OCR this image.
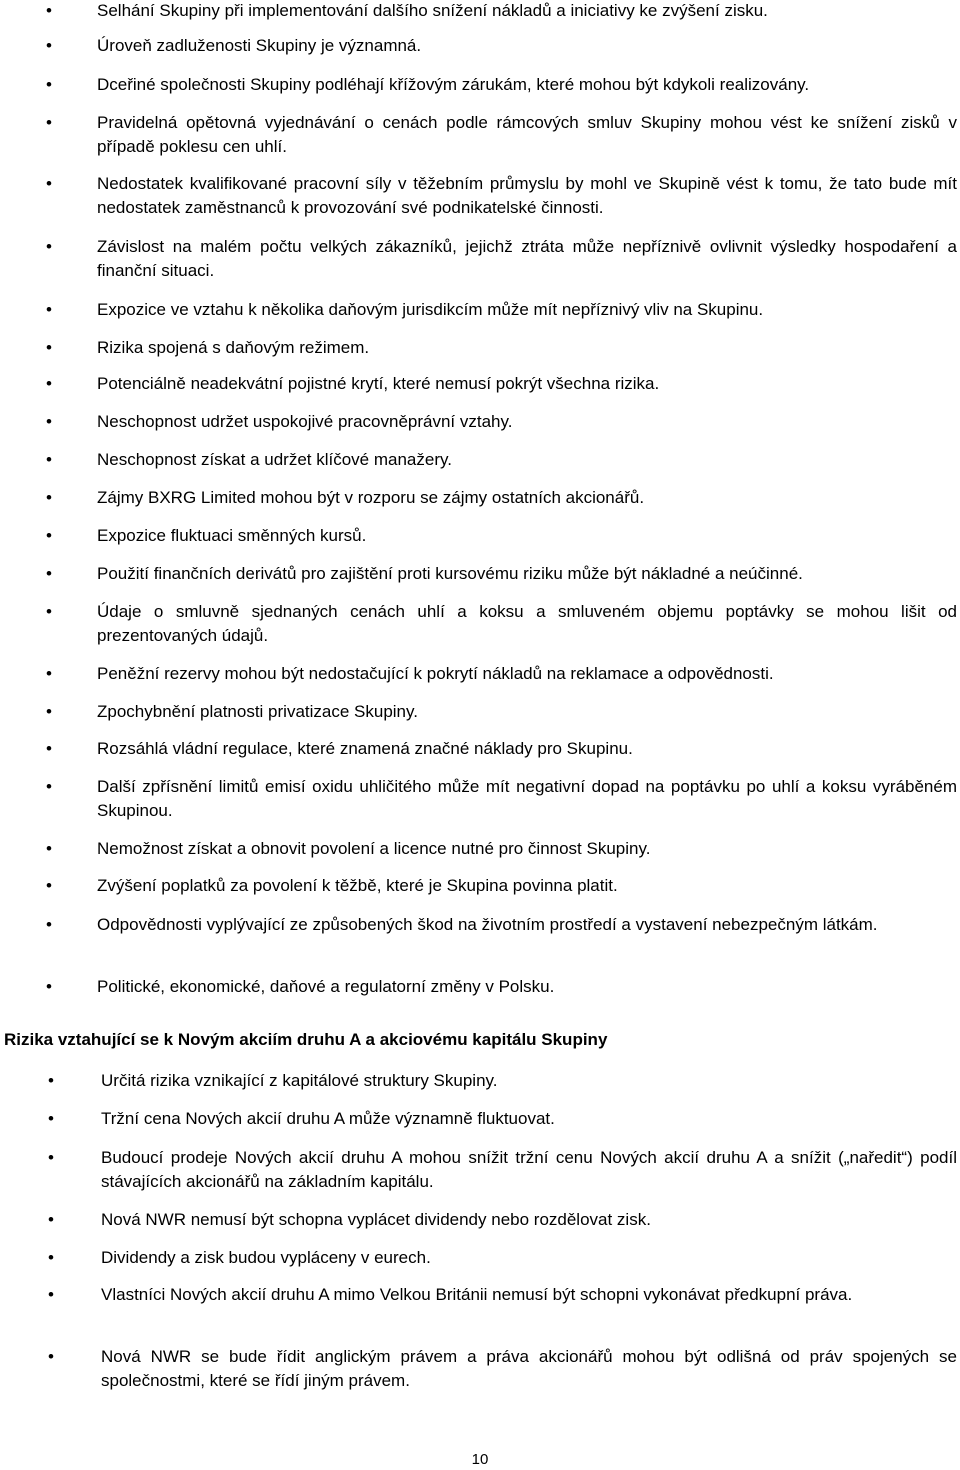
•	Selhání Skupiny při implementování dalšího snížení nákladů a iniciativy ke zvýšení zisku.
•	Úroveň zadluženosti Skupiny je významná.
•	Dceřiné společnosti Skupiny podléhají křížovým zárukám, které mohou být kdykoli realizovány.
•	Pravidelná opětovná vyjednávání o cenách podle rámcových smluv Skupiny mohou vést ke snížení zisků v případě poklesu cen uhlí.
•	Nedostatek kvalifikované pracovní síly v těžebním průmyslu by mohl ve Skupině vést k tomu, že tato bude mít nedostatek zaměstnanců k provozování své podnikatelské činnosti.
•	Závislost na malém počtu velkých zákazníků, jejichž ztráta může nepříznivě ovlivnit výsledky hospodaření a finanční situaci.
•	Expozice ve vztahu k několika daňovým jurisdikcím může mít nepříznivý vliv na Skupinu.
•	Rizika spojená s daňovým režimem.
•	Potenciálně neadekvátní pojistné krytí, které nemusí pokrýt všechna rizika.
•	Neschopnost udržet uspokojivé pracovněprávní vztahy.
•	Neschopnost získat a udržet klíčové manažery.
•	Zájmy BXRG Limited mohou být v rozporu se zájmy ostatních akcionářů.
•	Expozice fluktuaci směnných kursů.
•	Použití finančních derivátů pro zajištění proti kursovému riziku může být nákladné a neúčinné.
•	Údaje o smluvně sjednaných cenách uhlí a koksu a smluveném objemu poptávky se mohou lišit od prezentovaných údajů.
•	Peněžní rezervy mohou být nedostačující k pokrytí nákladů na reklamace a odpovědnosti.
•	Zpochybnění platnosti privatizace Skupiny.
•	Rozsáhlá vládní regulace, které znamená značné náklady pro Skupinu.
•	Další zpřísnění limitů emisí oxidu uhličitého může mít negativní dopad na poptávku po uhlí a koksu vyráběném Skupinou.
•	Nemožnost získat a obnovit povolení a licence nutné pro činnost Skupiny.
•	Zvýšení poplatků za povolení k těžbě, které je Skupina povinna platit.
•	Odpovědnosti vyplývající ze způsobených škod na životním prostředí a vystavení nebezpečným látkám.
•	Politické, ekonomické, daňové a regulatorní změny v Polsku.
Rizika vztahující se k Novým akciím druhu A a akciovému kapitálu Skupiny
•	Určitá rizika vznikající z kapitálové struktury Skupiny.
•	Tržní cena Nových akcií druhu A může významně fluktuovat.
•	Budoucí prodeje Nových akcií druhu A mohou snížit tržní cenu Nových akcií druhu A a snížit („naředit“) podíl stávajících akcionářů na základním kapitálu.
•	Nová NWR nemusí být schopna vyplácet dividendy nebo rozdělovat zisk.
•	Dividendy a zisk budou vypláceny v eurech.
•	Vlastníci Nových akcií druhu A mimo Velkou Británii nemusí být schopni vykonávat předkupní práva.
•	Nová NWR se bude řídit anglickým právem a práva akcionářů mohou být odlišná od práv spojených se společnostmi, které se řídí jiným právem.
10
